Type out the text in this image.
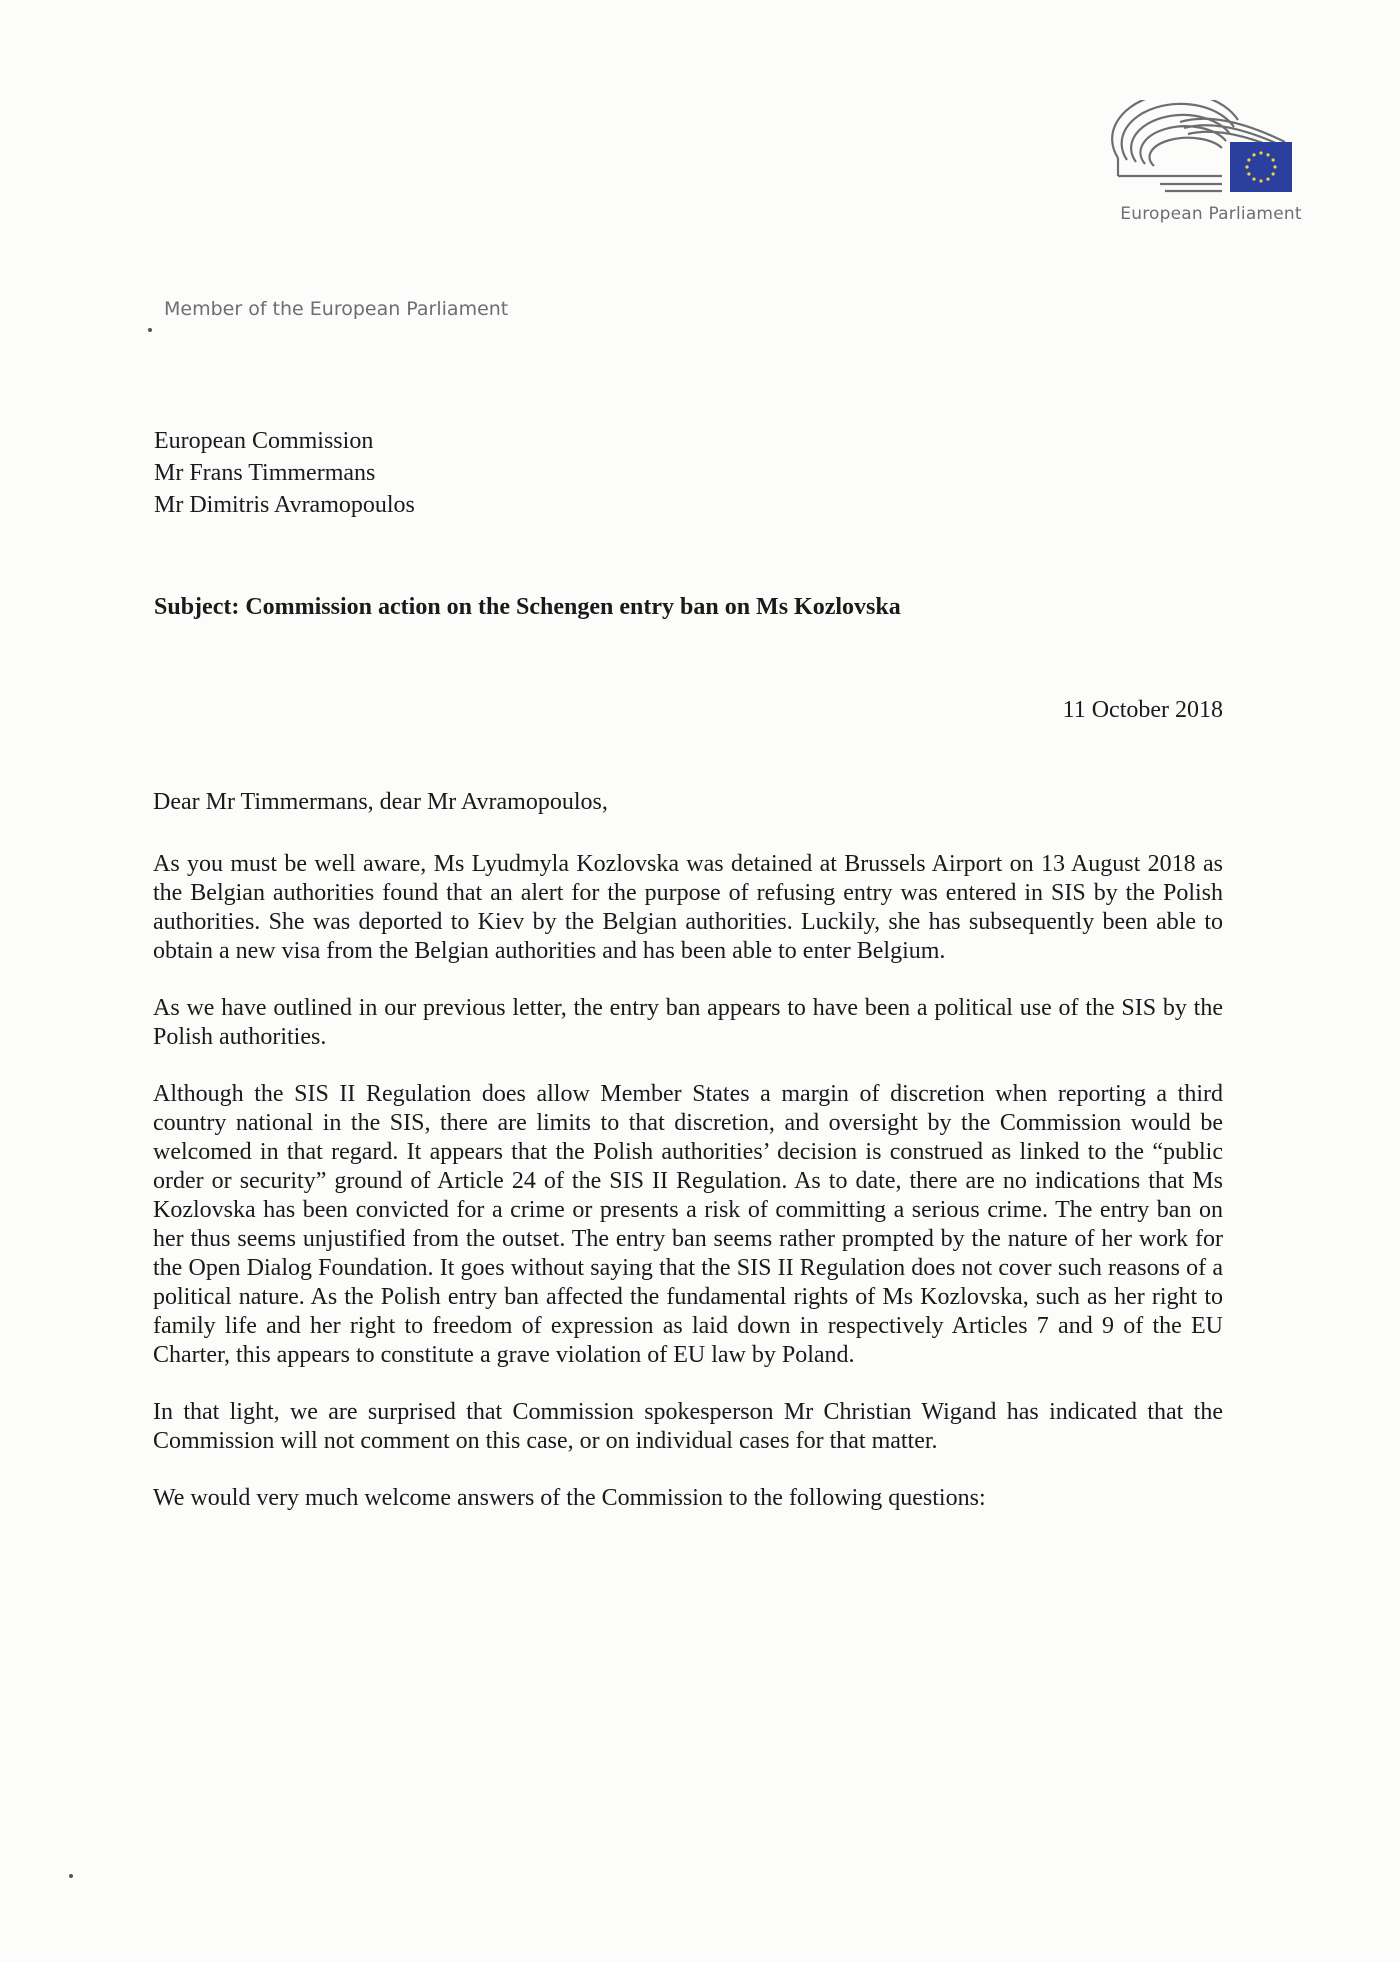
European Parliament
Member of the European Parliament
European Commission
Mr Frans Timmermans
Mr Dimitris Avramopoulos
Subject: Commission action on the Schengen entry ban on Ms Kozlovska
11 October 2018
Dear Mr Timmermans, dear Mr Avramopoulos,

As you must be well aware, Ms Lyudmyla Kozlovska was detained at Brussels Airport on 13 August 2018 as the Belgian authorities found that an alert for the purpose of refusing entry was entered in SIS by the Polish authorities. She was deported to Kiev by the Belgian authorities. Luckily, she has subsequently been able to obtain a new visa from the Belgian authorities and has been able to enter Belgium.

As we have outlined in our previous letter, the entry ban appears to have been a political use of the SIS by the Polish authorities.

Although the SIS II Regulation does allow Member States a margin of discretion when reporting a third country national in the SIS, there are limits to that discretion, and oversight by the Commission would be welcomed in that regard. It appears that the Polish authorities’ decision is construed as linked to the “public order or security” ground of Article 24 of the SIS II Regulation. As to date, there are no indications that Ms Kozlovska has been convicted for a crime or presents a risk of committing a serious crime. The entry ban on her thus seems unjustified from the outset. The entry ban seems rather prompted by the nature of her work for the Open Dialog Foundation. It goes without saying that the SIS II Regulation does not cover such reasons of a political nature. As the Polish entry ban affected the fundamental rights of Ms Kozlovska, such as her right to family life and her right to freedom of expression as laid down in respectively Articles 7 and 9 of the EU Charter, this appears to constitute a grave violation of EU law by Poland.

In that light, we are surprised that Commission spokesperson Mr Christian Wigand has indicated that the Commission will not comment on this case, or on individual cases for that matter.

We would very much welcome answers of the Commission to the following questions:
